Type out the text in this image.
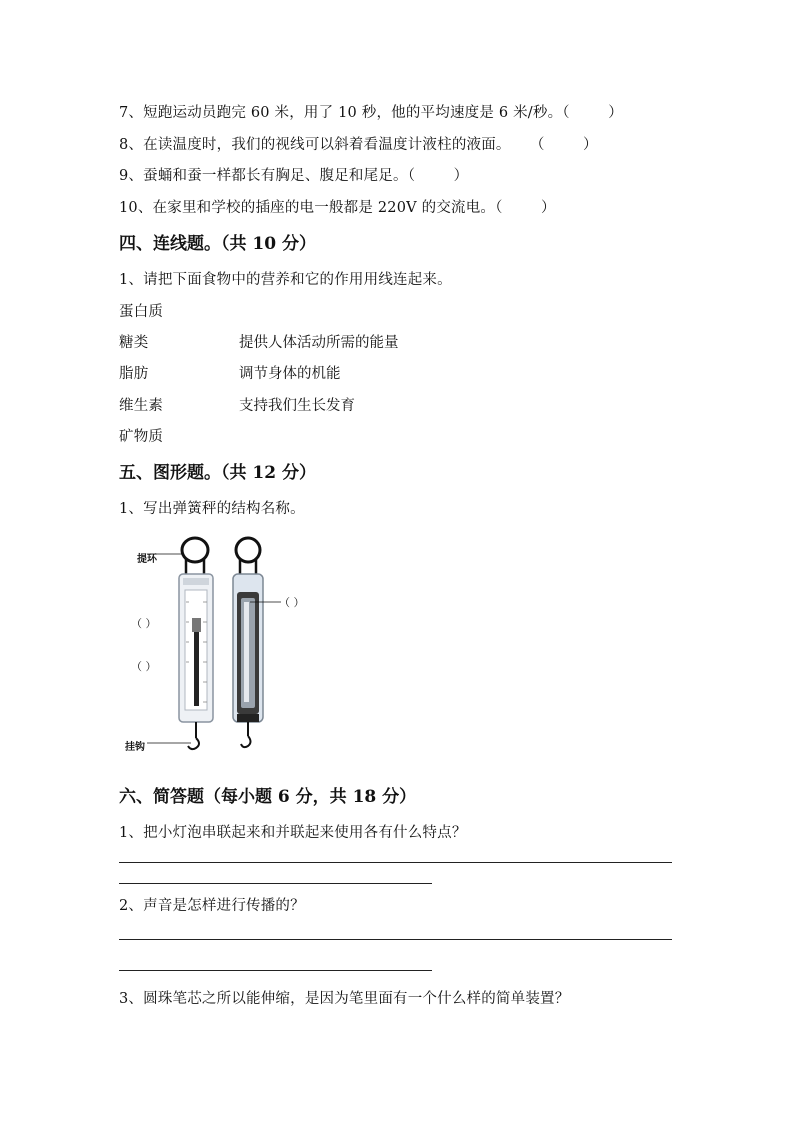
7、短跑运动员跑完 60 米，用了 10 秒，他的平均速度是 6 米/秒。（        ）
8、在读温度时，我们的视线可以斜着看温度计液柱的液面。    （        ）
9、蚕蛹和蚕一样都长有胸足、腹足和尾足。（        ）
10、在家里和学校的插座的电一般都是 220V 的交流电。（        ）
四、连线题。（共 10 分）
1、请把下面食物中的营养和它的作用用线连起来。
蛋白质
糖类
脂肪
维生素
矿物质
提供人体活动所需的能量
调节身体的机能
支持我们生长发育
五、图形题。（共 12 分）
1、写出弹簧秤的结构名称。
提环
挂钩
（ ）
（ ）
（ ）
六、简答题（每小题 6 分，共 18 分）
1、把小灯泡串联起来和并联起来使用各有什么特点？
2、声音是怎样进行传播的？
3、圆珠笔芯之所以能伸缩，是因为笔里面有一个什么样的简单装置？
